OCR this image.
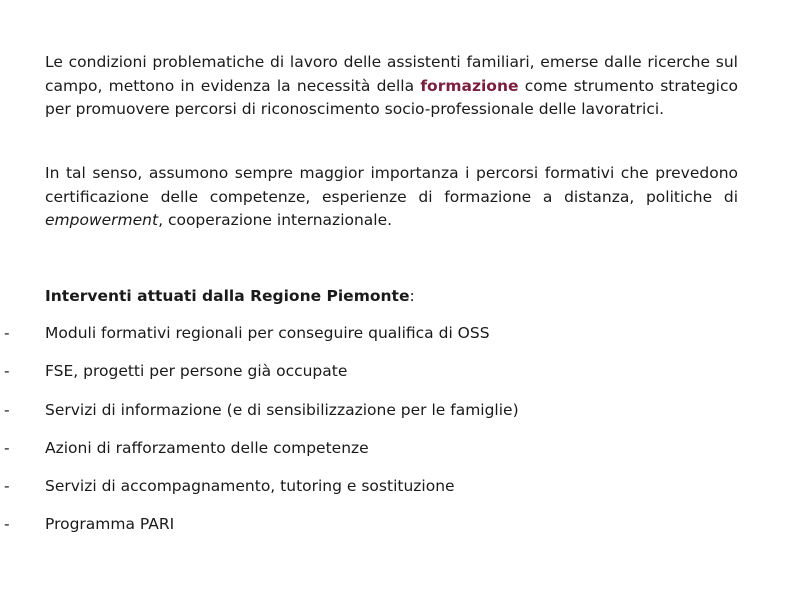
Le condizioni problematiche di lavoro delle assistenti familiari, emerse dalle ricerche sul campo, mettono in evidenza la necessità della formazione come strumento strategico per promuovere percorsi di riconoscimento socio-professionale delle lavoratrici.

In tal senso, assumono sempre maggior importanza i percorsi formativi che prevedono certificazione delle competenze, esperienze di formazione a distanza, politiche di empowerment, cooperazione internazionale.

Interventi attuati dalla Regione Piemonte:
- Moduli formativi regionali per conseguire qualifica di OSS
- FSE, progetti per persone già occupate
- Servizi di informazione (e di sensibilizzazione per le famiglie)
- Azioni di rafforzamento delle competenze
- Servizi di accompagnamento, tutoring e sostituzione
- Programma PARI
